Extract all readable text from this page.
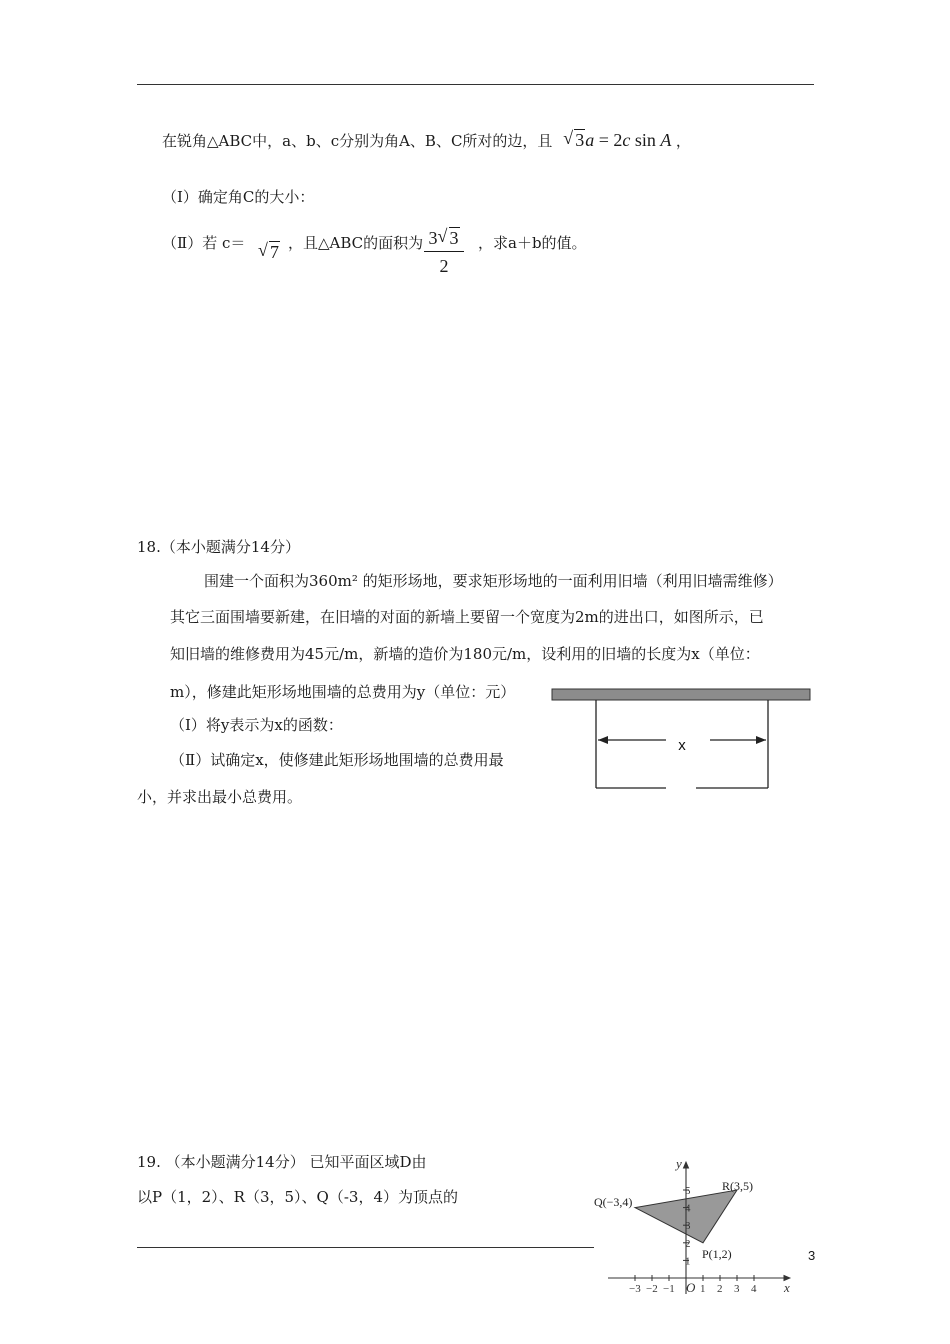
在锐角△ABC中，a、b、c分别为角A、B、C所对的边，且 √ 3a = 2c sin A ，
（Ⅰ）确定角C的大小：
（Ⅱ）若 c＝ √ 7 ，且△ABC的面积为 $\frac{3 √ 3}{2}$ ，求a＋b的值。
18.（本小题满分14分）
围建一个面积为360m² 的矩形场地，要求矩形场地的一面利用旧墙（利用旧墙需维修）
其它三面围墙要新建，在旧墙的对面的新墙上要留一个宽度为2m的进出口，如图所示，已
知旧墙的维修费用为45元/m，新墙的造价为180元/m，设利用的旧墙的长度为x（单位：
m），修建此矩形场地围墙的总费用为y（单位：元）
（Ⅰ）将y表示为x的函数：
（Ⅱ）试确定x，使修建此矩形场地围墙的总费用最
小，并求出最小总费用。
x
19. （本小题满分14分） 已知平面区域D由
以P（1，2）、R（3，5）、Q（-3，4）为顶点的	5
4
3
2
1
−3 −2 −1 1 2 3 4
y
x
O
R(3,5)
Q(−3,4)
P(1,2)	3
